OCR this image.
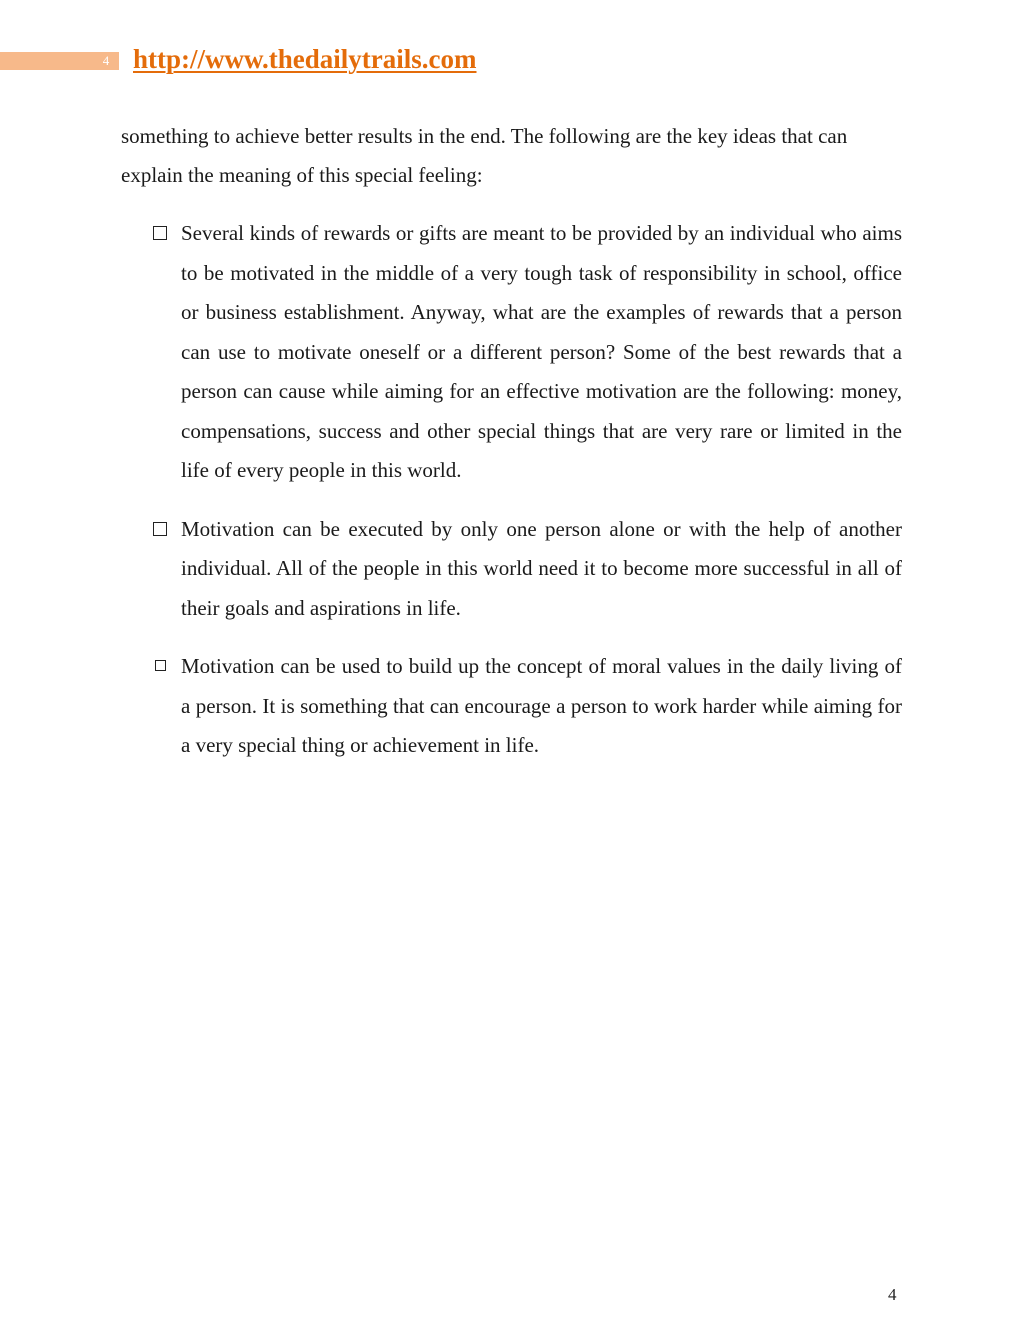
4 http://www.thedailytrails.com

something to achieve better results in the end. The following are the key ideas that can explain the meaning of this special feeling:

Several kinds of rewards or gifts are meant to be provided by an individual who aims to be motivated in the middle of a very tough task of responsibility in school, office or business establishment. Anyway, what are the examples of rewards that a person can use to motivate oneself or a different person? Some of the best rewards that a person can cause while aiming for an effective motivation are the following: money, compensations, success and other special things that are very rare or limited in the life of every people in this world.
Motivation can be executed by only one person alone or with the help of another individual. All of the people in this world need it to become more successful in all of their goals and aspirations in life.
Motivation can be used to build up the concept of moral values in the daily living of a person. It is something that can encourage a person to work harder while aiming for a very special thing or achievement in life.
4
